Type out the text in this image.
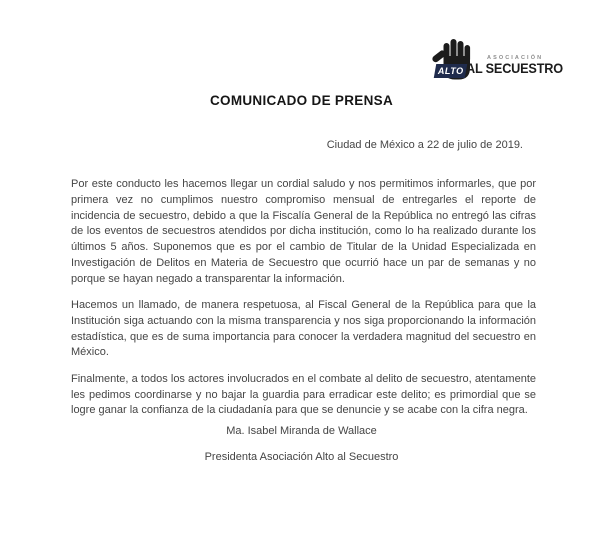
ALTO
ASOCIACIÓN
AL SECUESTRO
COMUNICADO DE PRENSA
Ciudad de México a 22 de julio de 2019.

Por este conducto les hacemos llegar un cordial saludo y nos permitimos informarles, que por primera vez no cumplimos nuestro compromiso mensual de entregarles el reporte de incidencia de secuestro, debido a que la Fiscalía General de la República no entregó las cifras de los eventos de secuestros atendidos por dicha institución, como lo ha realizado durante los últimos 5 años. Suponemos que es por el cambio de Titular de la Unidad Especializada en Investigación de Delitos en Materia de Secuestro que ocurrió hace un par de semanas y no porque se hayan negado a transparentar la información.

Hacemos un llamado, de manera respetuosa, al Fiscal General de la República para que la Institución siga actuando con la misma transparencia y nos siga proporcionando la información estadística, que es de suma importancia para conocer la verdadera magnitud del secuestro en México.

Finalmente, a todos los actores involucrados en el combate al delito de secuestro, atentamente les pedimos coordinarse y no bajar la guardia para erradicar este delito; es primordial que se logre ganar la confianza de la ciudadanía para que se denuncie y se acabe con la cifra negra.

Ma. Isabel Miranda de Wallace

Presidenta Asociación Alto al Secuestro
